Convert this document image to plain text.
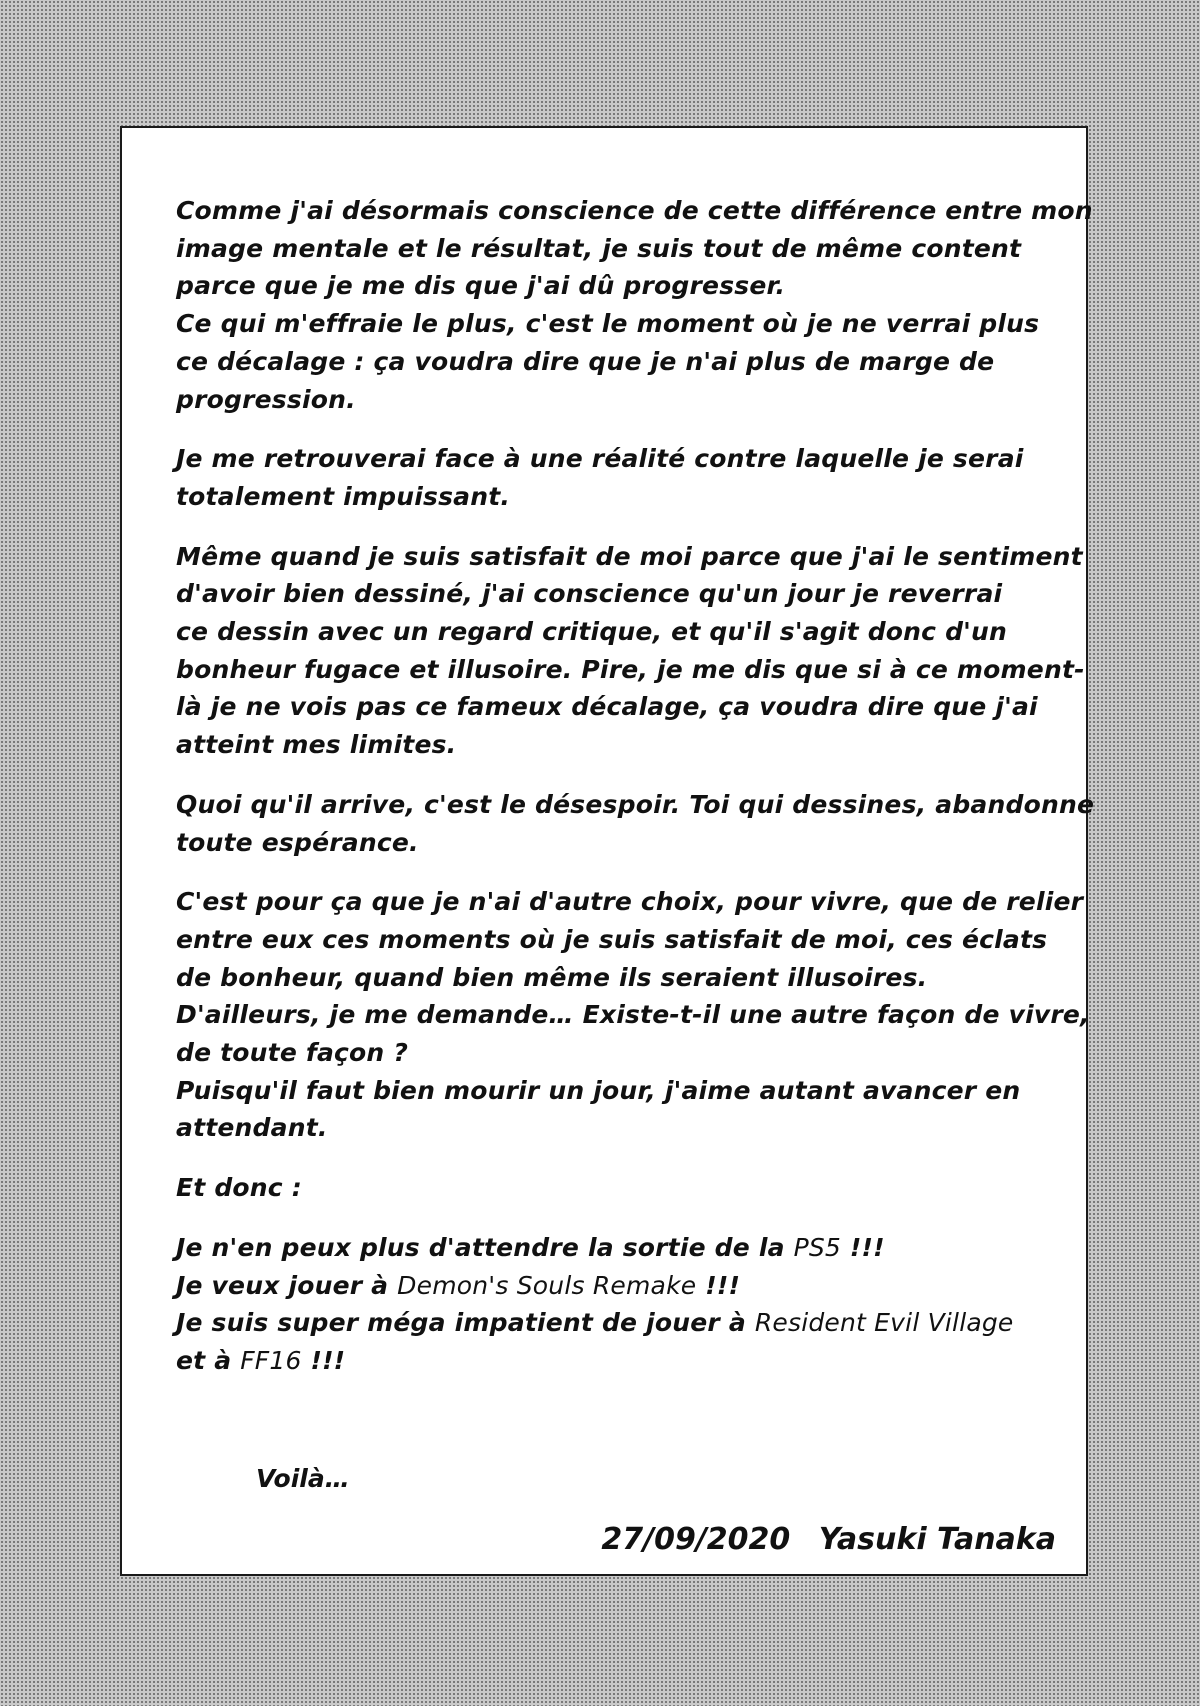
Comme j'ai désormais conscience de cette différence entre mon
image mentale et le résultat, je suis tout de même content
parce que je me dis que j'ai dû progresser.
Ce qui m'effraie le plus, c'est le moment où je ne verrai plus
ce décalage : ça voudra dire que je n'ai plus de marge de
progression.
Je me retrouverai face à une réalité contre laquelle je serai
totalement impuissant.
Même quand je suis satisfait de moi parce que j'ai le sentiment
d'avoir bien dessiné, j'ai conscience qu'un jour je reverrai
ce dessin avec un regard critique, et qu'il s'agit donc d'un
bonheur fugace et illusoire. Pire, je me dis que si à ce moment-
là je ne vois pas ce fameux décalage, ça voudra dire que j'ai
atteint mes limites.
Quoi qu'il arrive, c'est le désespoir. Toi qui dessines, abandonne
toute espérance.
C'est pour ça que je n'ai d'autre choix, pour vivre, que de relier
entre eux ces moments où je suis satisfait de moi, ces éclats
de bonheur, quand bien même ils seraient illusoires.
D'ailleurs, je me demande… Existe-t-il une autre façon de vivre,
de toute façon ?
Puisqu'il faut bien mourir un jour, j'aime autant avancer en
attendant.
Et donc :
Je n'en peux plus d'attendre la sortie de la PS5 !!!
Je veux jouer à Demon's Souls Remake !!!
Je suis super méga impatient de jouer à Resident Evil Village
et à FF16 !!!
Voilà…
27/09/2020 Yasuki Tanaka
